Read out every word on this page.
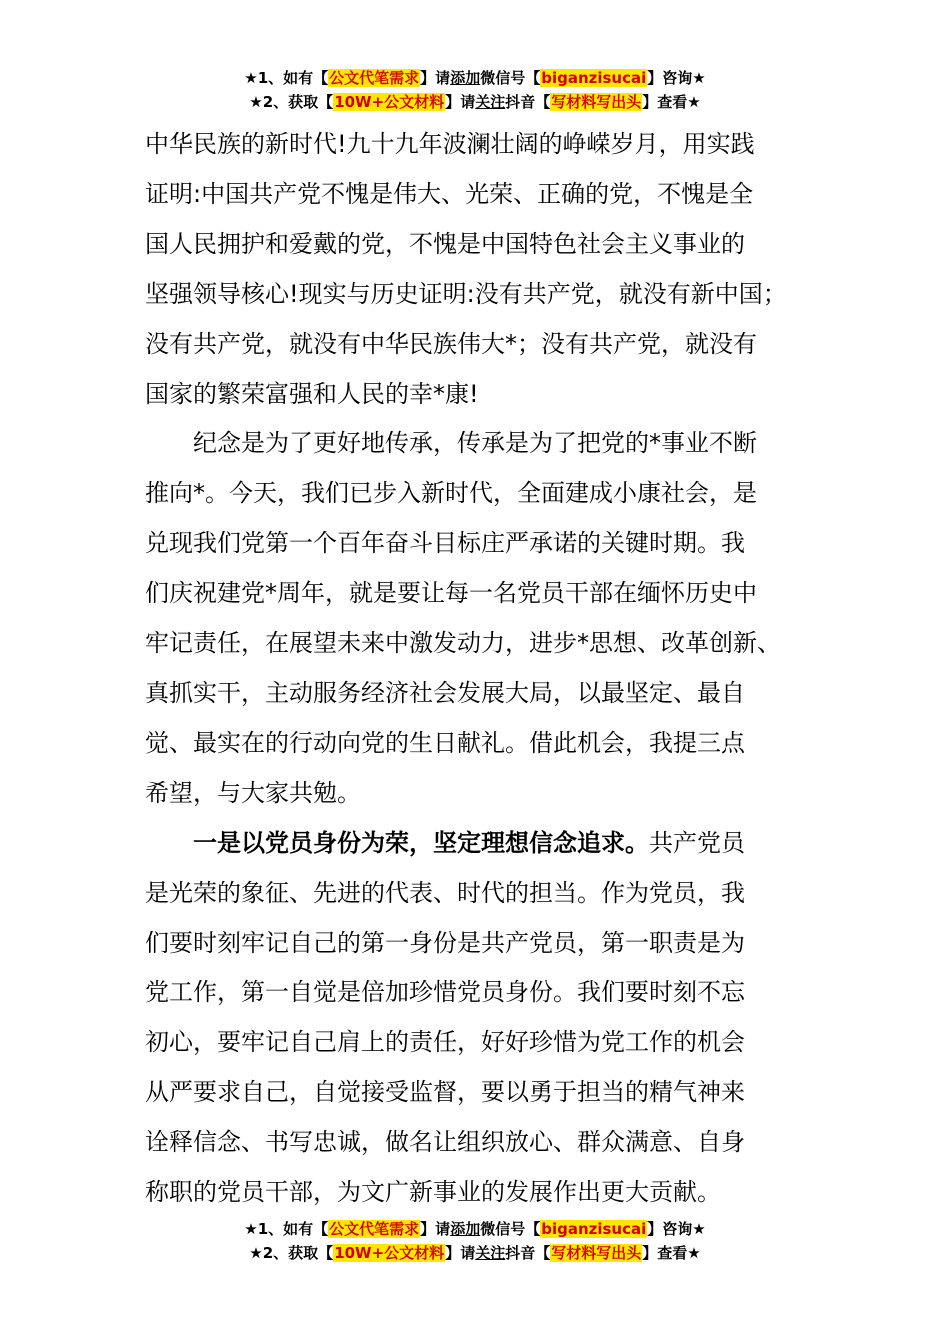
★1、如有【公文代笔需求】请添加微信号【biganzisucai】咨询★
★2、获取【10W+公文材料】请关注抖音【写材料写出头】查看★
中华民族的新时代!九十九年波澜壮阔的峥嵘岁月，用实践
证明:中国共产党不愧是伟大、光荣、正确的党，不愧是全
国人民拥护和爱戴的党，不愧是中国特色社会主义事业的
坚强领导核心!现实与历史证明:没有共产党，就没有新中国；
没有共产党，就没有中华民族伟大*；没有共产党，就没有
国家的繁荣富强和人民的幸*康!
　　纪念是为了更好地传承，传承是为了把党的*事业不断
推向*。今天，我们已步入新时代，全面建成小康社会，是
兑现我们党第一个百年奋斗目标庄严承诺的关键时期。我
们庆祝建党*周年，就是要让每一名党员干部在缅怀历史中
牢记责任，在展望未来中激发动力，进步*思想、改革创新、
真抓实干，主动服务经济社会发展大局，以最坚定、最自
觉、最实在的行动向党的生日献礼。借此机会，我提三点
希望，与大家共勉。
　　一是以党员身份为荣，坚定理想信念追求。共产党员
是光荣的象征、先进的代表、时代的担当。作为党员，我
们要时刻牢记自己的第一身份是共产党员，第一职责是为
党工作，第一自觉是倍加珍惜党员身份。我们要时刻不忘
初心，要牢记自己肩上的责任，好好珍惜为党工作的机会
从严要求自己，自觉接受监督，要以勇于担当的精气神来
诠释信念、书写忠诚，做名让组织放心、群众满意、自身
称职的党员干部，为文广新事业的发展作出更大贡献。
★1、如有【公文代笔需求】请添加微信号【biganzisucai】咨询★
★2、获取【10W+公文材料】请关注抖音【写材料写出头】查看★
